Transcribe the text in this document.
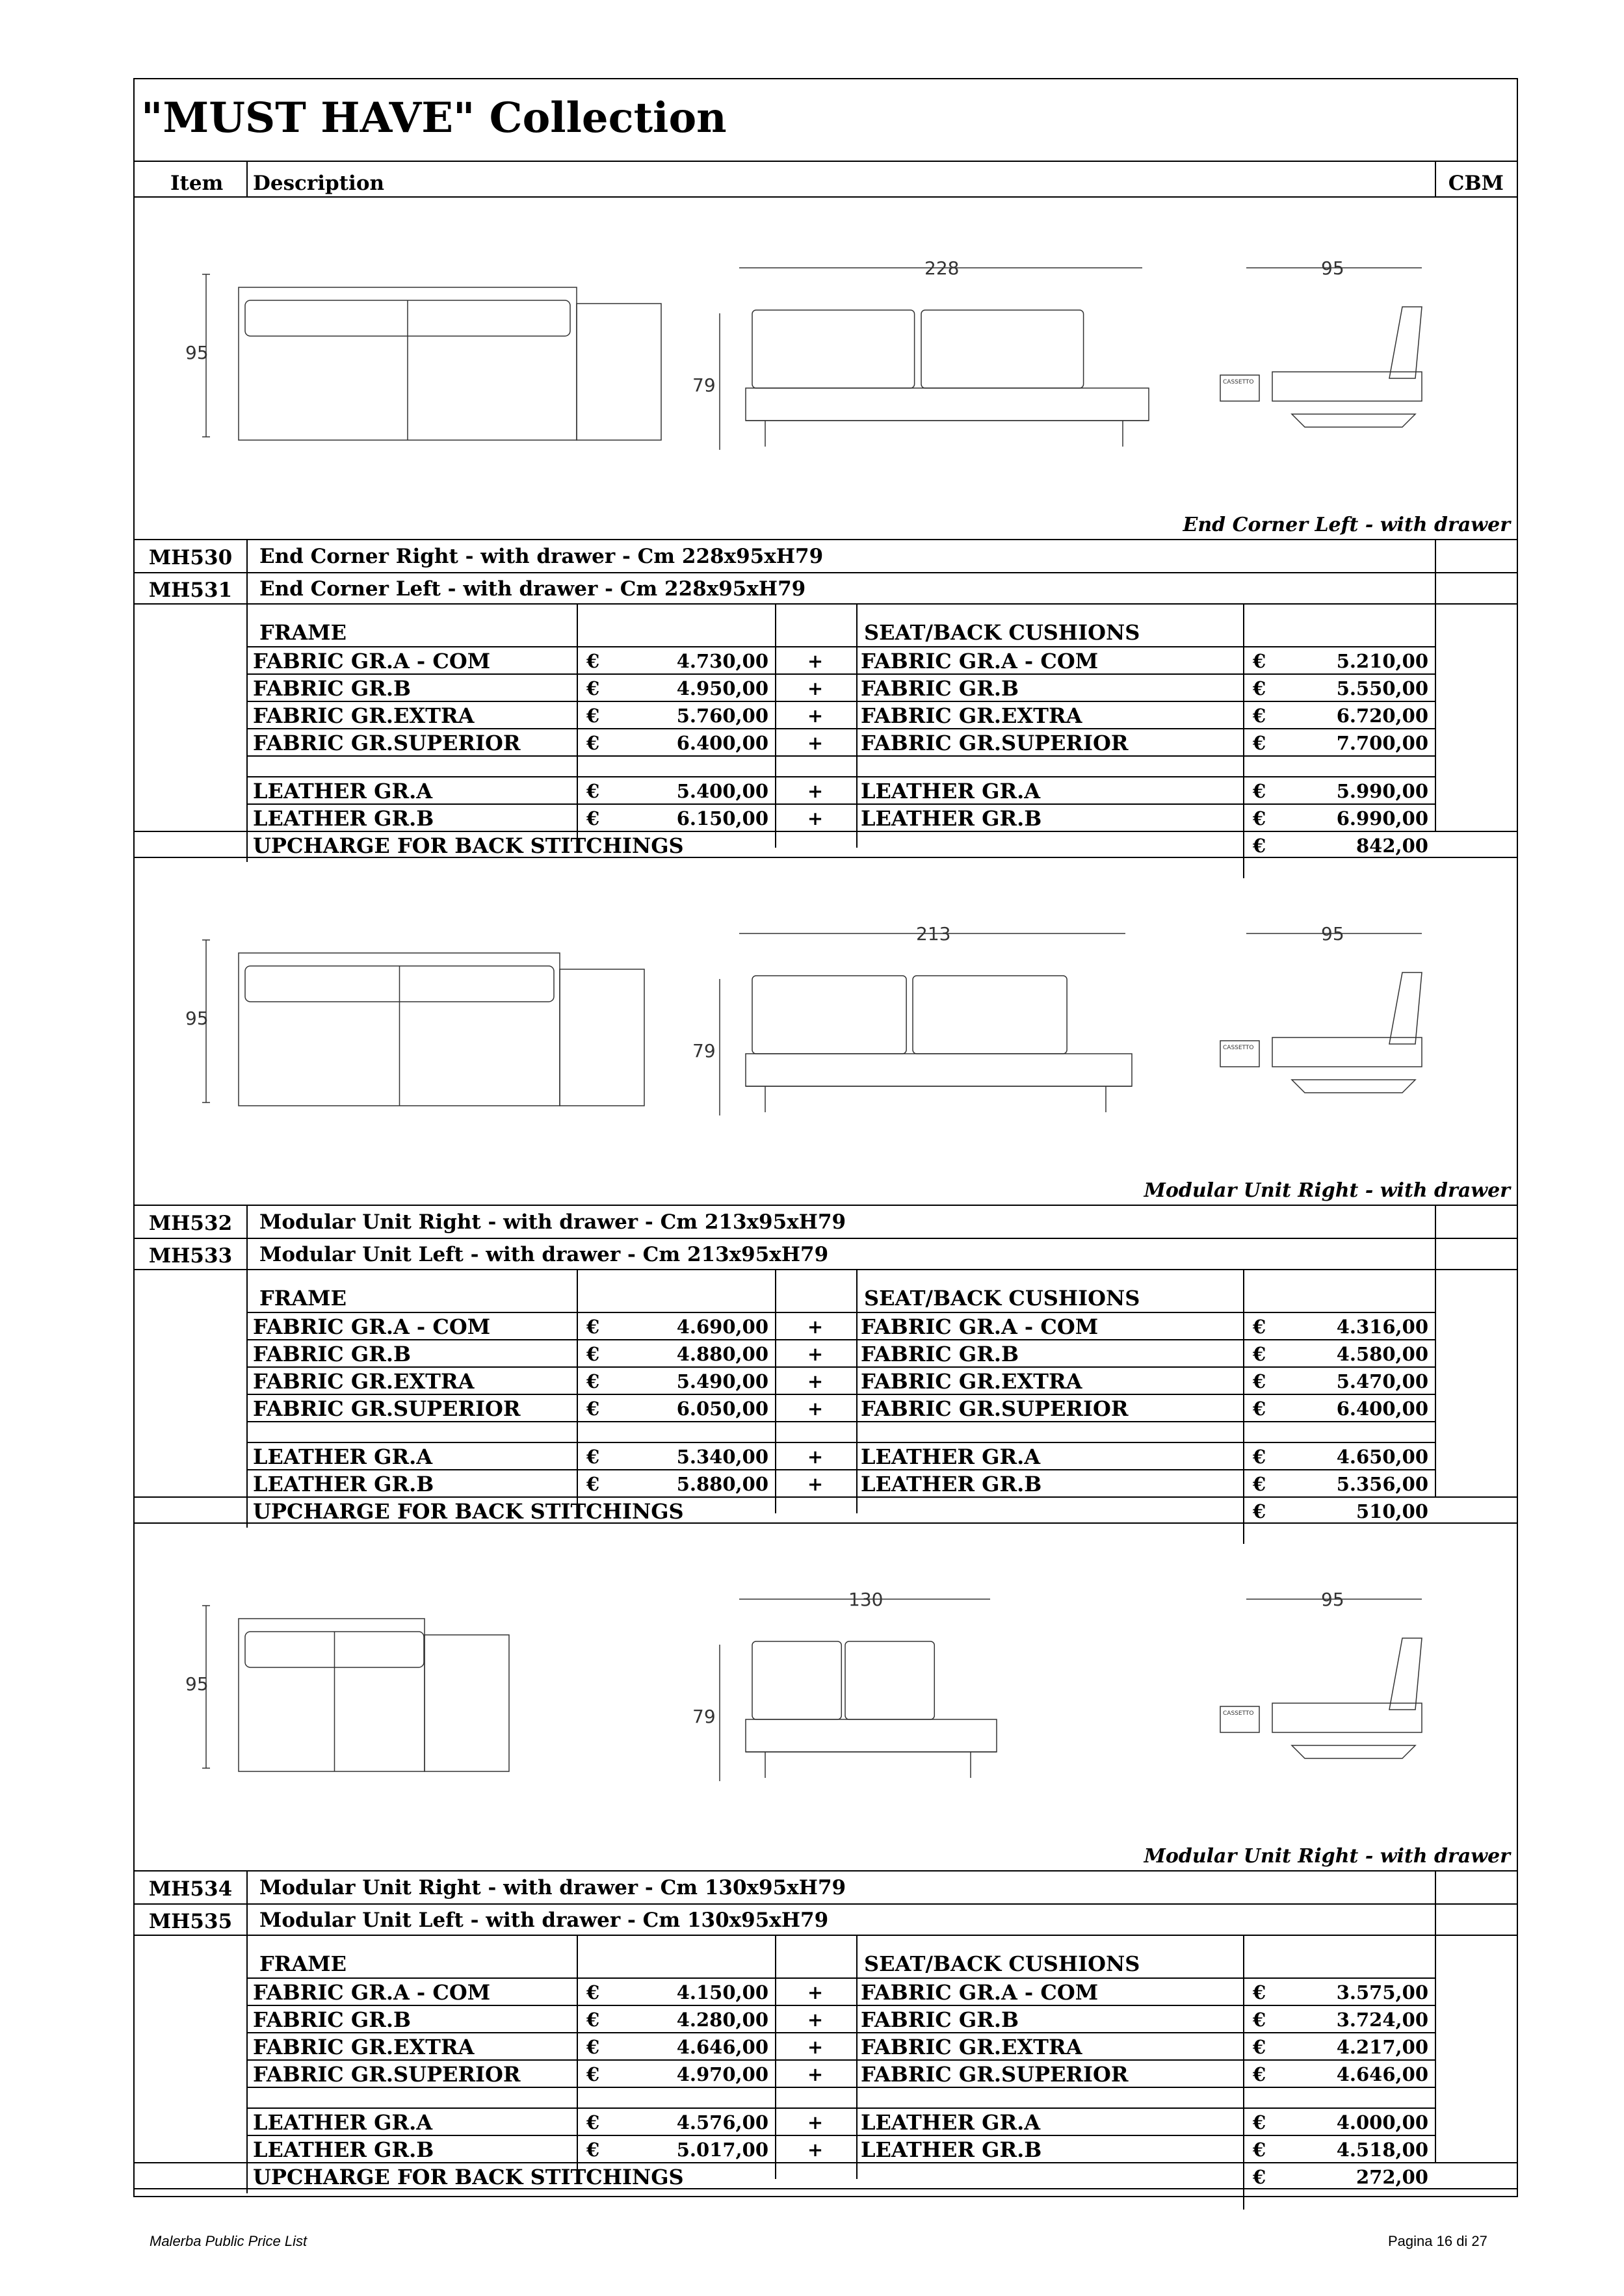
"MUST HAVE" Collection
Item Description	CBM
95
228
79
95
CASSETTO
End Corner Left - with drawer
MH530	End Corner Right - with drawer - Cm 228x95xH79
MH531	End Corner Left - with drawer - Cm 228x95xH79
FRAME	SEAT/BACK CUSHIONS
FABRIC GR.A - COM	€	4.730,00	+	FABRIC GR.A - COM	€	5.210,00
FABRIC GR.B	€	4.950,00	+	FABRIC GR.B	€	5.550,00
FABRIC GR.EXTRA	€	5.760,00	+	FABRIC GR.EXTRA	€	6.720,00
FABRIC GR.SUPERIOR	€	6.400,00	+	FABRIC GR.SUPERIOR	€	7.700,00
LEATHER GR.A	€	5.400,00	+	LEATHER GR.A	€	5.990,00
LEATHER GR.B	€	6.150,00	+	LEATHER GR.B	€	6.990,00
UPCHARGE FOR BACK STITCHINGS	€	842,00
95
213
79
95
CASSETTO
Modular Unit Right - with drawer
MH532	Modular Unit Right - with drawer - Cm 213x95xH79
MH533	Modular Unit Left - with drawer - Cm 213x95xH79
FRAME	SEAT/BACK CUSHIONS
FABRIC GR.A - COM	€	4.690,00	+	FABRIC GR.A - COM	€	4.316,00
FABRIC GR.B	€	4.880,00	+	FABRIC GR.B	€	4.580,00
FABRIC GR.EXTRA	€	5.490,00	+	FABRIC GR.EXTRA	€	5.470,00
FABRIC GR.SUPERIOR	€	6.050,00	+	FABRIC GR.SUPERIOR	€	6.400,00
LEATHER GR.A	€	5.340,00	+	LEATHER GR.A	€	4.650,00
LEATHER GR.B	€	5.880,00	+	LEATHER GR.B	€	5.356,00
UPCHARGE FOR BACK STITCHINGS	€	510,00
95
130
79
95
CASSETTO
Modular Unit Right - with drawer
MH534	Modular Unit Right - with drawer - Cm 130x95xH79
MH535	Modular Unit Left - with drawer - Cm 130x95xH79
FRAME	SEAT/BACK CUSHIONS
FABRIC GR.A - COM	€	4.150,00	+	FABRIC GR.A - COM	€	3.575,00
FABRIC GR.B	€	4.280,00	+	FABRIC GR.B	€	3.724,00
FABRIC GR.EXTRA	€	4.646,00	+	FABRIC GR.EXTRA	€	4.217,00
FABRIC GR.SUPERIOR	€	4.970,00	+	FABRIC GR.SUPERIOR	€	4.646,00
LEATHER GR.A	€	4.576,00	+	LEATHER GR.A	€	4.000,00
LEATHER GR.B	€	5.017,00	+	LEATHER GR.B	€	4.518,00
UPCHARGE FOR BACK STITCHINGS	€	272,00
Malerba Public Price List	Pagina 16 di 27
